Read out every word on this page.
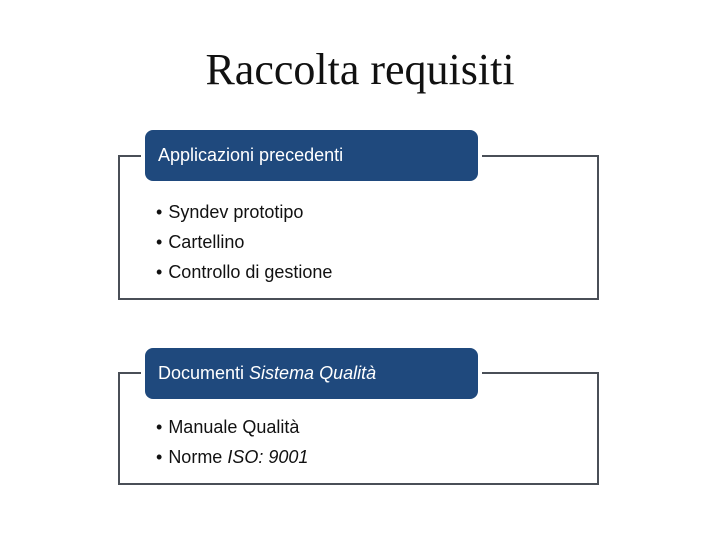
Raccolta requisiti
Applicazioni precedenti
• Syndev prototipo
• Cartellino
• Controllo di gestione
Documenti Sistema Qualità
• Manuale Qualità
• Norme ISO: 9001
